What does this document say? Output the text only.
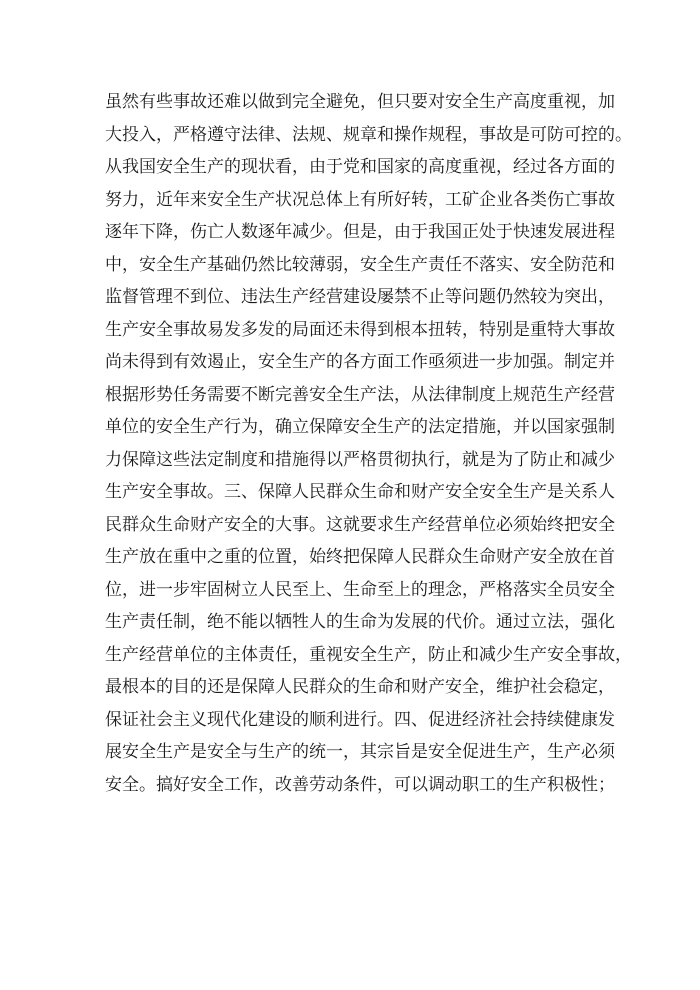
虽然有些事故还难以做到完全避免，但只要对安全生产高度重视，加
大投入，严格遵守法律、法规、规章和操作规程，事故是可防可控的。
从我国安全生产的现状看，由于党和国家的高度重视，经过各方面的
努力，近年来安全生产状况总体上有所好转，工矿企业各类伤亡事故
逐年下降，伤亡人数逐年减少。但是，由于我国正处于快速发展进程
中，安全生产基础仍然比较薄弱，安全生产责任不落实、安全防范和
监督管理不到位、违法生产经营建设屡禁不止等问题仍然较为突出，
生产安全事故易发多发的局面还未得到根本扭转，特别是重特大事故
尚未得到有效遏止，安全生产的各方面工作亟须进一步加强。制定并
根据形势任务需要不断完善安全生产法，从法律制度上规范生产经营
单位的安全生产行为，确立保障安全生产的法定措施，并以国家强制
力保障这些法定制度和措施得以严格贯彻执行，就是为了防止和减少
生产安全事故。三、保障人民群众生命和财产安全安全生产是关系人
民群众生命财产安全的大事。这就要求生产经营单位必须始终把安全
生产放在重中之重的位置，始终把保障人民群众生命财产安全放在首
位，进一步牢固树立人民至上、生命至上的理念，严格落实全员安全
生产责任制，绝不能以牺牲人的生命为发展的代价。通过立法，强化
生产经营单位的主体责任，重视安全生产，防止和减少生产安全事故，
最根本的目的还是保障人民群众的生命和财产安全，维护社会稳定，
保证社会主义现代化建设的顺利进行。四、促进经济社会持续健康发
展安全生产是安全与生产的统一，其宗旨是安全促进生产，生产必须
安全。搞好安全工作，改善劳动条件，可以调动职工的生产积极性；
